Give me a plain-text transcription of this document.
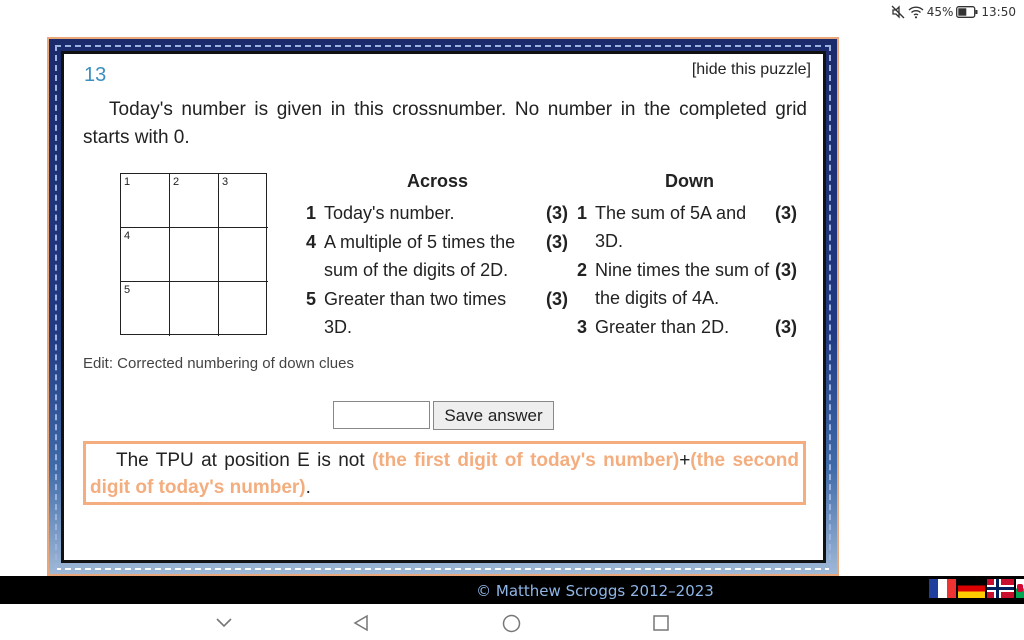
45% 13:50
13	[hide this puzzle]

Today's number is given in this crossnumber. No number in the completed grid starts with 0.

1	2	3
4
5
Across
1 Today's number.	(3)
4 A multiple of 5 times the sum of the digits of 2D.
(3)
5 Greater than two times 3D.
(3)
Down
1 The sum of 5A and 3D.
(3)
2 Nine times the sum of the digits of 4A.
(3)
3 Greater than 2D.	(3)
Edit: Corrected numbering of down clues
Save answer
The TPU at position E is not (the first digit of today's number)+(the second digit of today's number).
© Matthew Scroggs 2012–2023
